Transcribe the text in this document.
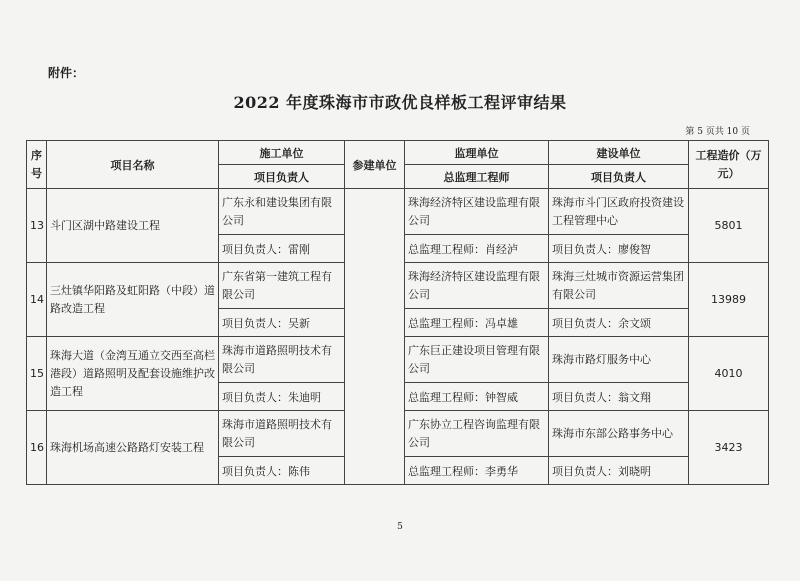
附件：
2022 年度珠海市市政优良样板工程评审结果
第 5 页共 10 页
序号	项目名称	施工单位	参建单位	监理单位	建设单位	工程造价（万元）
		项目负责人		总监理工程师	项目负责人	
13	斗门区湖中路建设工程	广东永和建设集团有限公司		珠海经济特区建设监理有限公司	珠海市斗门区政府投资建设工程管理中心	5801
		项目负责人：雷刚		总监理工程师：肖经泸	项目负责人：廖俊智	
14	三灶镇华阳路及虹阳路（中段）道路改造工程	广东省第一建筑工程有限公司		珠海经济特区建设监理有限公司	珠海三灶城市资源运营集团有限公司	13989
		项目负责人：吴新		总监理工程师：冯卓雄	项目负责人：余文颂	
15	珠海大道（金湾互通立交西至高栏港段）道路照明及配套设施维护改造工程	珠海市道路照明技术有限公司		广东巨正建设项目管理有限公司	珠海市路灯服务中心	4010
		项目负责人：朱迪明		总监理工程师：钟智威	项目负责人：翁文翔	
16	珠海机场高速公路路灯安装工程	珠海市道路照明技术有限公司		广东协立工程咨询监理有限公司	珠海市东部公路事务中心	3423
		项目负责人：陈伟		总监理工程师：李勇华	项目负责人：刘晓明	
5
